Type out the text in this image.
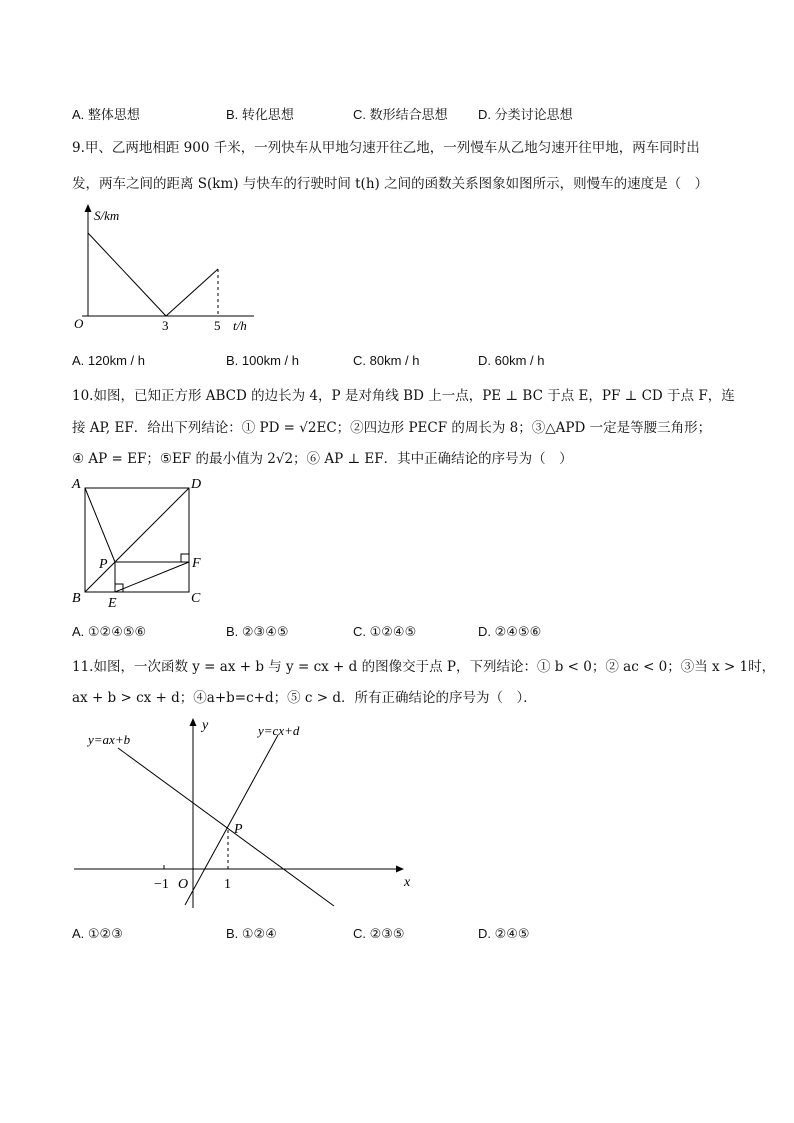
A. 整体思想	B. 转化思想	C. 数形结合思想 D. 分类讨论思想
9.甲、乙两地相距 900 千米，一列快车从甲地匀速开往乙地，一列慢车从乙地匀速开往甲地，两车同时出
发，两车之间的距离 S(km) 与快车的行驶时间 t(h) 之间的函数关系图象如图所示，则慢车的速度是（　）
S/km
O	3	5 t/h
A. 120km / h	B. 100km / h	C. 80km / h	D. 60km / h
10.如图，已知正方形 ABCD 的边长为 4，P 是对角线 BD 上一点，PE ⊥ BC 于点 E，PF ⊥ CD 于点 F，连
接 AP, EF．给出下列结论：① PD = √2EC；②四边形 PECF 的周长为 8；③△APD 一定是等腰三角形；
④ AP = EF；⑤EF 的最小值为 2√2；⑥ AP ⊥ EF．其中正确结论的序号为（　）
A	D
B	C
P
E
F
A. ①②④⑤⑥	B. ②③④⑤	C. ①②④⑤	D. ②④⑤⑥
11.如图，一次函数 y = ax + b 与 y = cx + d 的图像交于点 P，下列结论：① b < 0；② ac < 0；③当 x > 1时，
ax + b > cx + d；④a+b=c+d；⑤ c > d．所有正确结论的序号为（　）．
y=ax+b
y=cx+d
y
x
P
O
−1	1
A. ①②③	B. ①②④	C. ②③⑤	D. ②④⑤
